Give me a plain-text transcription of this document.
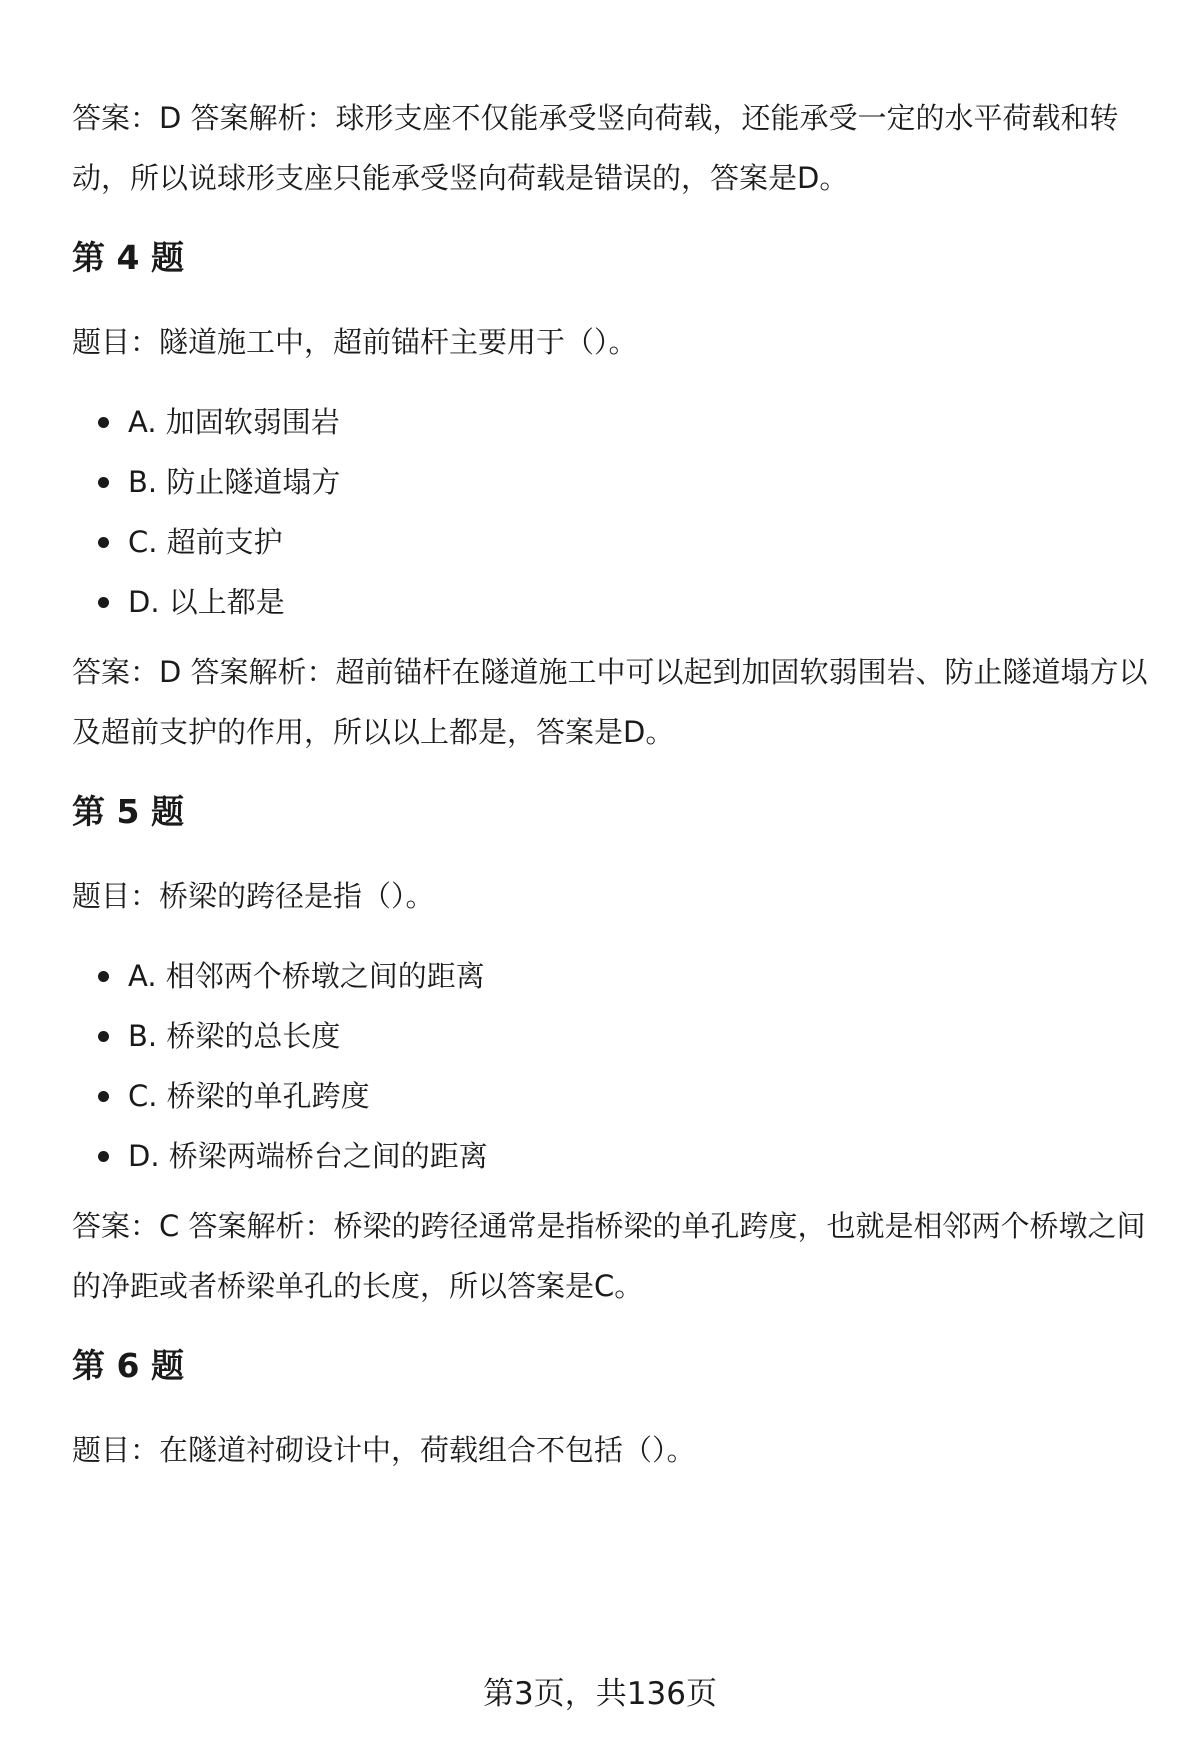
答案：D 答案解析：球形支座不仅能承受竖向荷载，还能承受一定的水平荷载和转动，所以说球形支座只能承受竖向荷载是错误的，答案是D。

第 4 题

题目：隧道施工中，超前锚杆主要用于（）。

A. 加固软弱围岩
B. 防止隧道塌方
C. 超前支护
D. 以上都是

答案：D 答案解析：超前锚杆在隧道施工中可以起到加固软弱围岩、防止隧道塌方以及超前支护的作用，所以以上都是，答案是D。

第 5 题

题目：桥梁的跨径是指（）。

A. 相邻两个桥墩之间的距离
B. 桥梁的总长度
C. 桥梁的单孔跨度
D. 桥梁两端桥台之间的距离

答案：C 答案解析：桥梁的跨径通常是指桥梁的单孔跨度，也就是相邻两个桥墩之间的净距或者桥梁单孔的长度，所以答案是C。

第 6 题

题目：在隧道衬砌设计中，荷载组合不包括（）。

第3页，共136页
